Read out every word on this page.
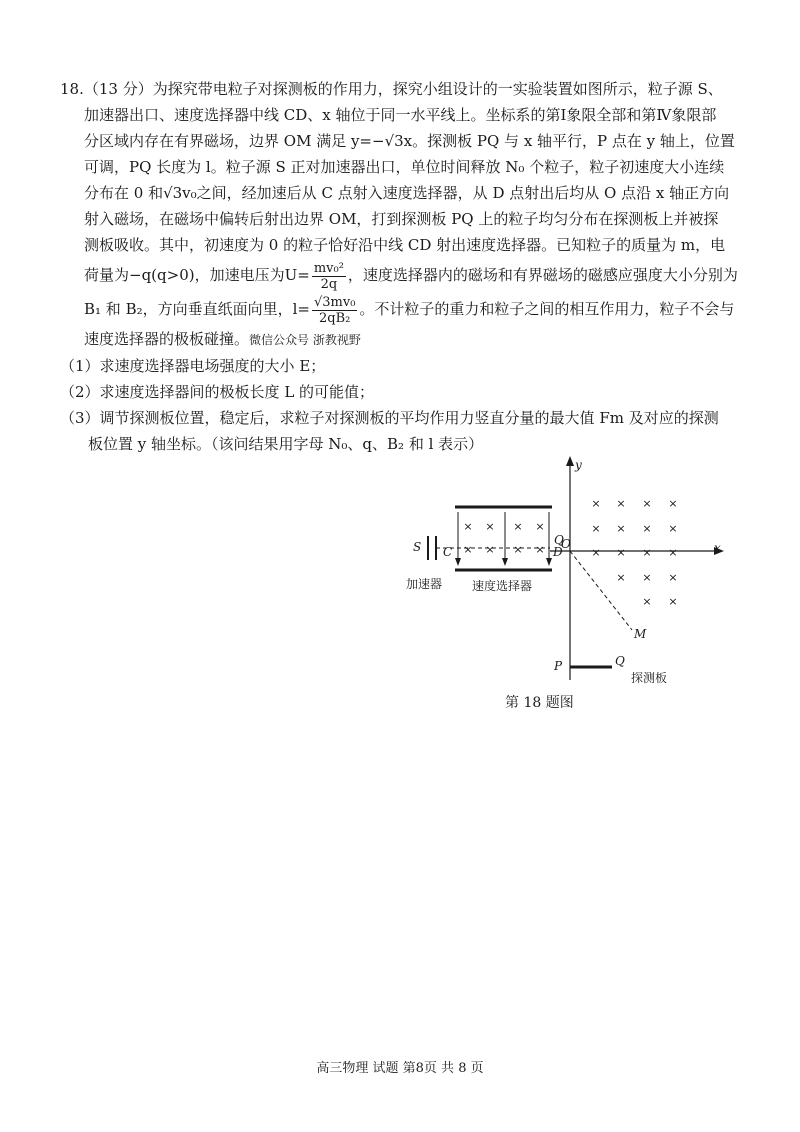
18.（13 分）为探究带电粒子对探测板的作用力，探究小组设计的一实验装置如图所示，粒子源 S、

加速器出口、速度选择器中线 CD、x 轴位于同一水平线上。坐标系的第Ⅰ象限全部和第Ⅳ象限部

分区域内存在有界磁场，边界 OM 满足 y=−√3x。探测板 PQ 与 x 轴平行，P 点在 y 轴上，位置

可调，PQ 长度为 l。粒子源 S 正对加速器出口，单位时间释放 N₀ 个粒子，粒子初速度大小连续

分布在 0 和√3v₀之间，经加速后从 C 点射入速度选择器，从 D 点射出后均从 O 点沿 x 轴正方向

射入磁场，在磁场中偏转后射出边界 OM，打到探测板 PQ 上的粒子均匀分布在探测板上并被探

测板吸收。其中，初速度为 0 的粒子恰好沿中线 CD 射出速度选择器。已知粒子的质量为 m，电

荷量为−q(q>0)，加速电压为$U= \frac{\text{mv₀²}}{2q}$ ，速度选择器内的磁场和有界磁场的磁感应强度大小分别为

B₁ 和 B₂，方向垂直纸面向里，$l= \frac{\text{√3mv₀}}{\text{2qB₂}}$ 。不计粒子的重力和粒子之间的相互作用力，粒子不会与

速度选择器的极板碰撞。微信公众号 浙教视野

（1）求速度选择器电场强度的大小 E；

（2）求速度选择器间的极板长度 L 的可能值；

（3）调节探测板位置，稳定后，求粒子对探测板的平均作用力竖直分量的最大值 Fm 及对应的探测
板位置 y 轴坐标。（该问结果用字母 N₀、q、B₂ 和 l 表示）

× × × ×
× × × ×
× × × ×
× × × ×
× × × ×
× × ×
× ×
y
x
S C
Q
D
O
M
P	Q
加速器 速度选择器
探测板
第 18 题图
高三物理 试题 第8页 共 8 页
